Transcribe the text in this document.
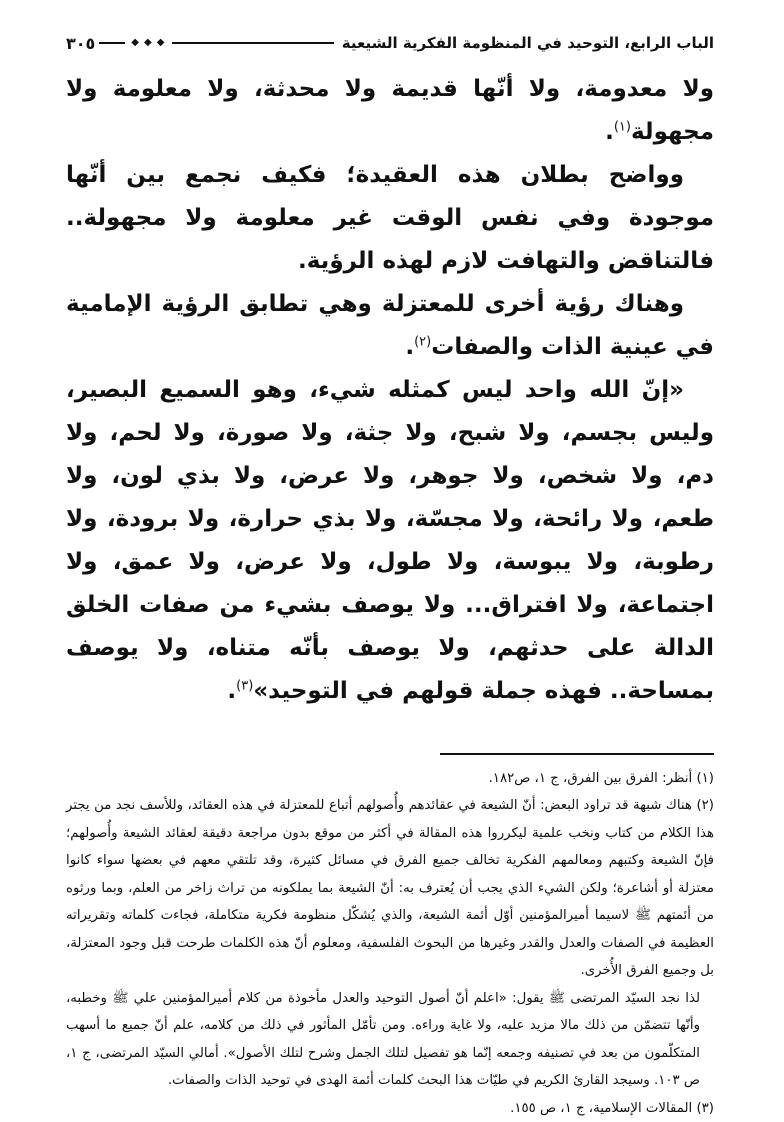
الباب الرابع، التوحيد في المنظومة الفكرية الشيعية
◆
◆
◆
٣٠٥

ولا معدومة، ولا أنّها قديمة ولا محدثة، ولا معلومة ولا مجهولة$^{(١)}$.

وواضح بطلان هذه العقيدة؛ فكيف نجمع بين أنّها موجودة وفي نفس الوقت غير معلومة ولا مجهولة.. فالتناقض والتهافت لازم لهذه الرؤية.

وهناك رؤية أخرى للمعتزلة وهي تطابق الرؤية الإمامية في عينية الذات والصفات$^{(٢)}$.

«إنّ الله واحد ليس كمثله شيء، وهو السميع البصير، وليس بجسم، ولا شبح، ولا جثة، ولا صورة، ولا لحم، ولا دم، ولا شخص، ولا جوهر، ولا عرض، ولا بذي لون، ولا طعم، ولا رائحة، ولا مجسّة، ولا بذي حرارة، ولا برودة، ولا رطوبة، ولا يبوسة، ولا طول، ولا عرض، ولا عمق، ولا اجتماعة، ولا افتراق... ولا يوصف بشيء من صفات الخلق الدالة على حدثهم، ولا يوصف بأنّه متناه، ولا يوصف بمساحة.. فهذه جملة قولهم في التوحيد»$^{(٣)}$.

(١) أنظر: الفرق بين الفرق، ج ١، ص١٨٢.

(٢) هناك شبهة قد تراود البعض: أنّ الشيعة في عقائدهم وأُصولهم أتباع للمعتزلة في هذه العقائد، وللأسف نجد من يجتر هذا الكلام من كتاب ونخب علمية ليكرروا هذه المقالة في أكثر من موقع بدون مراجعة دقيقة لعقائد الشيعة وأُصولهم؛ فإنّ الشيعة وكتبهم ومعالمهم الفكرية تخالف جميع الفرق في مسائل كثيرة، وقد تلتقي معهم في بعضها سواء كانوا معتزلة أو أشاعرة؛ ولكن الشيء الذي يجب أن يُعترف به: أنّ الشيعة بما يملكونه من تراث زاخر من العلم، وبما ورثوه من أئمتهم ﷺ لاسيما أميرالمؤمنين أوّل أئمة الشيعة، والذي يُشكّل منظومة فكرية متكاملة، فجاءت كلماته وتقريراته العظيمة في الصفات والعدل والقدر وغيرها من البحوث الفلسفية، ومعلوم أنّ هذه الكلمات طرحت قبل وجود المعتزلة، بل وجميع الفرق الأُخرى.

لذا نجد السيّد المرتضى ﷺ يقول: «اعلم أنّ أصول التوحيد والعدل مأخوذة من كلام أميرالمؤمنين علي ﷺ وخطبه، وأنّها تتضمّن من ذلك مالا مزيد عليه، ولا غاية وراءه. ومن تأمّل المأثور في ذلك من كلامه، علم أنّ جميع ما أسهب المتكلّمون من بعد في تصنيفه وجمعه إنّما هو تفصيل لتلك الجمل وشرح لتلك الأصول». أمالي السيّد المرتضى، ج ١، ص ١٠٣. وسيجد القارئ الكريم في طيّات هذا البحث كلمات أئمة الهدى في توحيد الذات والصفات.

(٣) المقالات الإسلامية، ج ١، ص ١٥٥.
